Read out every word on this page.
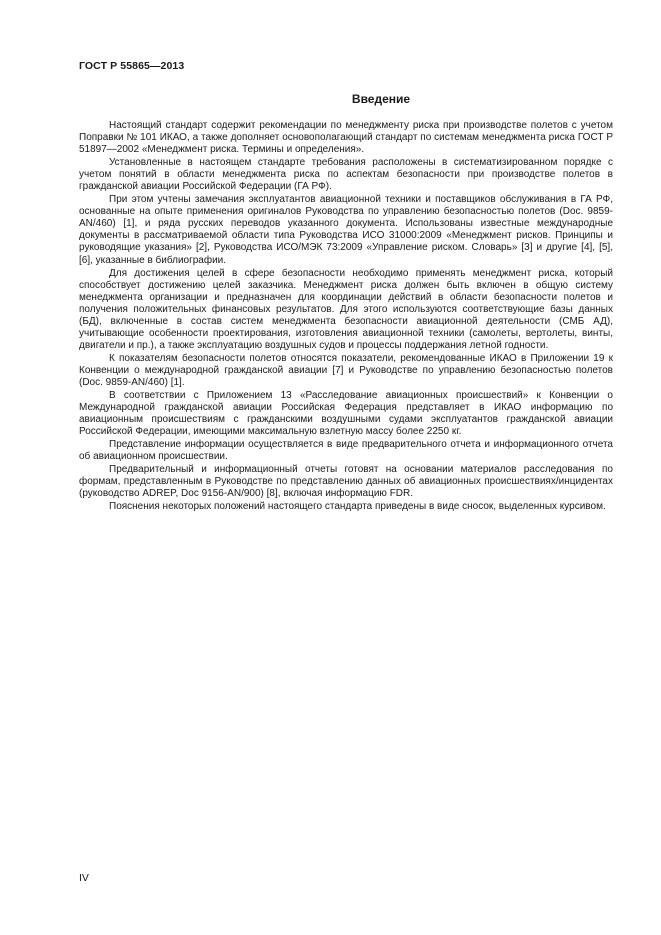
ГОСТ Р 55865—2013
Введение

Настоящий стандарт содержит рекомендации по менеджменту риска при производстве полетов с учетом Поправки № 101 ИКАО, а также дополняет основополагающий стандарт по системам менеджмента риска ГОСТ Р 51897—2002 «Менеджмент риска. Термины и определения».

Установленные в настоящем стандарте требования расположены в систематизированном порядке с учетом понятий в области менеджмента риска по аспектам безопасности при производстве полетов в гражданской авиации Российской Федерации (ГА РФ).

При этом учтены замечания эксплуатантов авиационной техники и поставщиков обслуживания в ГА РФ, основанные на опыте применения оригиналов Руководства по управлению безопасностью полетов (Doc. 9859-AN/460) [1], и ряда русских переводов указанного документа. Использованы известные международные документы в рассматриваемой области типа Руководства ИСО 31000:2009 «Менеджмент рисков. Принципы и руководящие указания» [2], Руководства ИСО/МЭК 73:2009 «Управление риском. Словарь» [3] и другие [4], [5], [6], указанные в библиографии.

Для достижения целей в сфере безопасности необходимо применять менеджмент риска, который способствует достижению целей заказчика. Менеджмент риска должен быть включен в общую систему менеджмента организации и предназначен для координации действий в области безопасности полетов и получения положительных финансовых результатов. Для этого используются соответствующие базы данных (БД), включенные в состав систем менеджмента безопасности авиационной деятельности (СМБ АД), учитывающие особенности проектирования, изготовления авиационной техники (самолеты, вертолеты, винты, двигатели и пр.), а также эксплуатацию воздушных судов и процессы поддержания летной годности.

К показателям безопасности полетов относятся показатели, рекомендованные ИКАО в Приложении 19 к Конвенции о международной гражданской авиации [7] и Руководстве по управлению безопасностью полетов (Doc. 9859-AN/460) [1].

В соответствии с Приложением 13 «Расследование авиационных происшествий» к Конвенции о Международной гражданской авиации Российская Федерация представляет в ИКАО информацию по авиационным происшествиям с гражданскими воздушными судами эксплуатантов гражданской авиации Российской Федерации, имеющими максимальную взлетную массу более 2250 кг.

Представление информации осуществляется в виде предварительного отчета и информационного отчета об авиационном происшествии.

Предварительный и информационный отчеты готовят на основании материалов расследования по формам, представленным в Руководстве по представлению данных об авиационных происшествиях/инцидентах (руководство ADREP, Doc 9156-AN/900) [8], включая информацию FDR.

Пояснения некоторых положений настоящего стандарта приведены в виде сносок, выделенных курсивом.

IV
